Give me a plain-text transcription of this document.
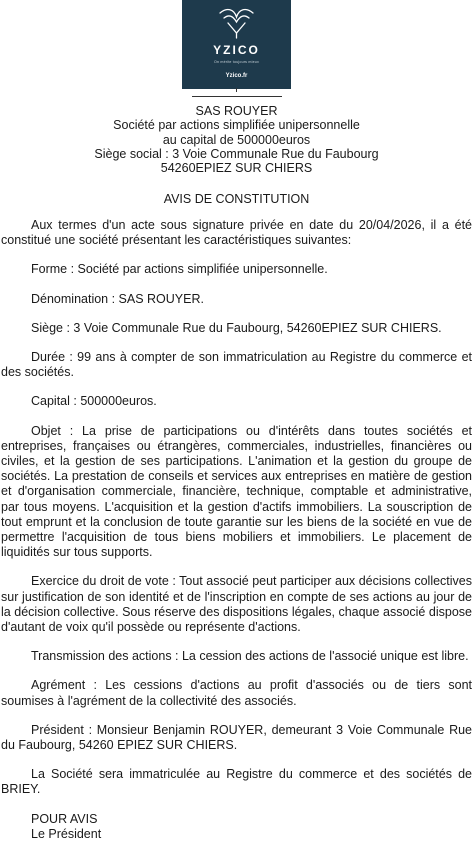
YZICO
On mérite toujours mieux
Yzico.fr
SAS ROUYER
Société par actions simplifiée unipersonnelle
au capital de 500000euros
Siège social : 3 Voie Communale Rue du Faubourg
54260EPIEZ SUR CHIERS
AVIS DE CONSTITUTION

Aux termes d'un acte sous signature privée en date du 20/04/2026, il a été constitué une société présentant les caractéristiques suivantes:

Forme : Société par actions simplifiée unipersonnelle.

Dénomination : SAS ROUYER.

Siège : 3 Voie Communale Rue du Faubourg, 54260EPIEZ SUR CHIERS.

Durée : 99 ans à compter de son immatriculation au Registre du commerce et des sociétés.

Capital : 500000euros.

Objet : La prise de participations ou d'intérêts dans toutes sociétés et entreprises, françaises ou étrangères, commerciales, industrielles, financières ou civiles, et la gestion de ses participations. L'animation et la gestion du groupe de sociétés. La prestation de conseils et services aux entreprises en matière de gestion et d'organisation commerciale, financière, technique, comptable et administrative, par tous moyens. L'acquisition et la gestion d'actifs immobiliers. La souscription de tout emprunt et la conclusion de toute garantie sur les biens de la société en vue de permettre l'acquisition de tous biens mobiliers et immobiliers. Le placement de liquidités sur tous supports.

Exercice du droit de vote : Tout associé peut participer aux décisions collectives sur justification de son identité et de l'inscription en compte de ses actions au jour de la décision collective. Sous réserve des dispositions légales, chaque associé dispose d'autant de voix qu'il possède ou représente d'actions.

Transmission des actions : La cession des actions de l'associé unique est libre.

Agrément : Les cessions d'actions au profit d'associés ou de tiers sont soumises à l'agrément de la collectivité des associés.

Président : Monsieur Benjamin ROUYER, demeurant 3 Voie Communale Rue du Faubourg, 54260 EPIEZ SUR CHIERS.

La Société sera immatriculée au Registre du commerce et des sociétés de BRIEY.

POUR AVIS
Le Président
